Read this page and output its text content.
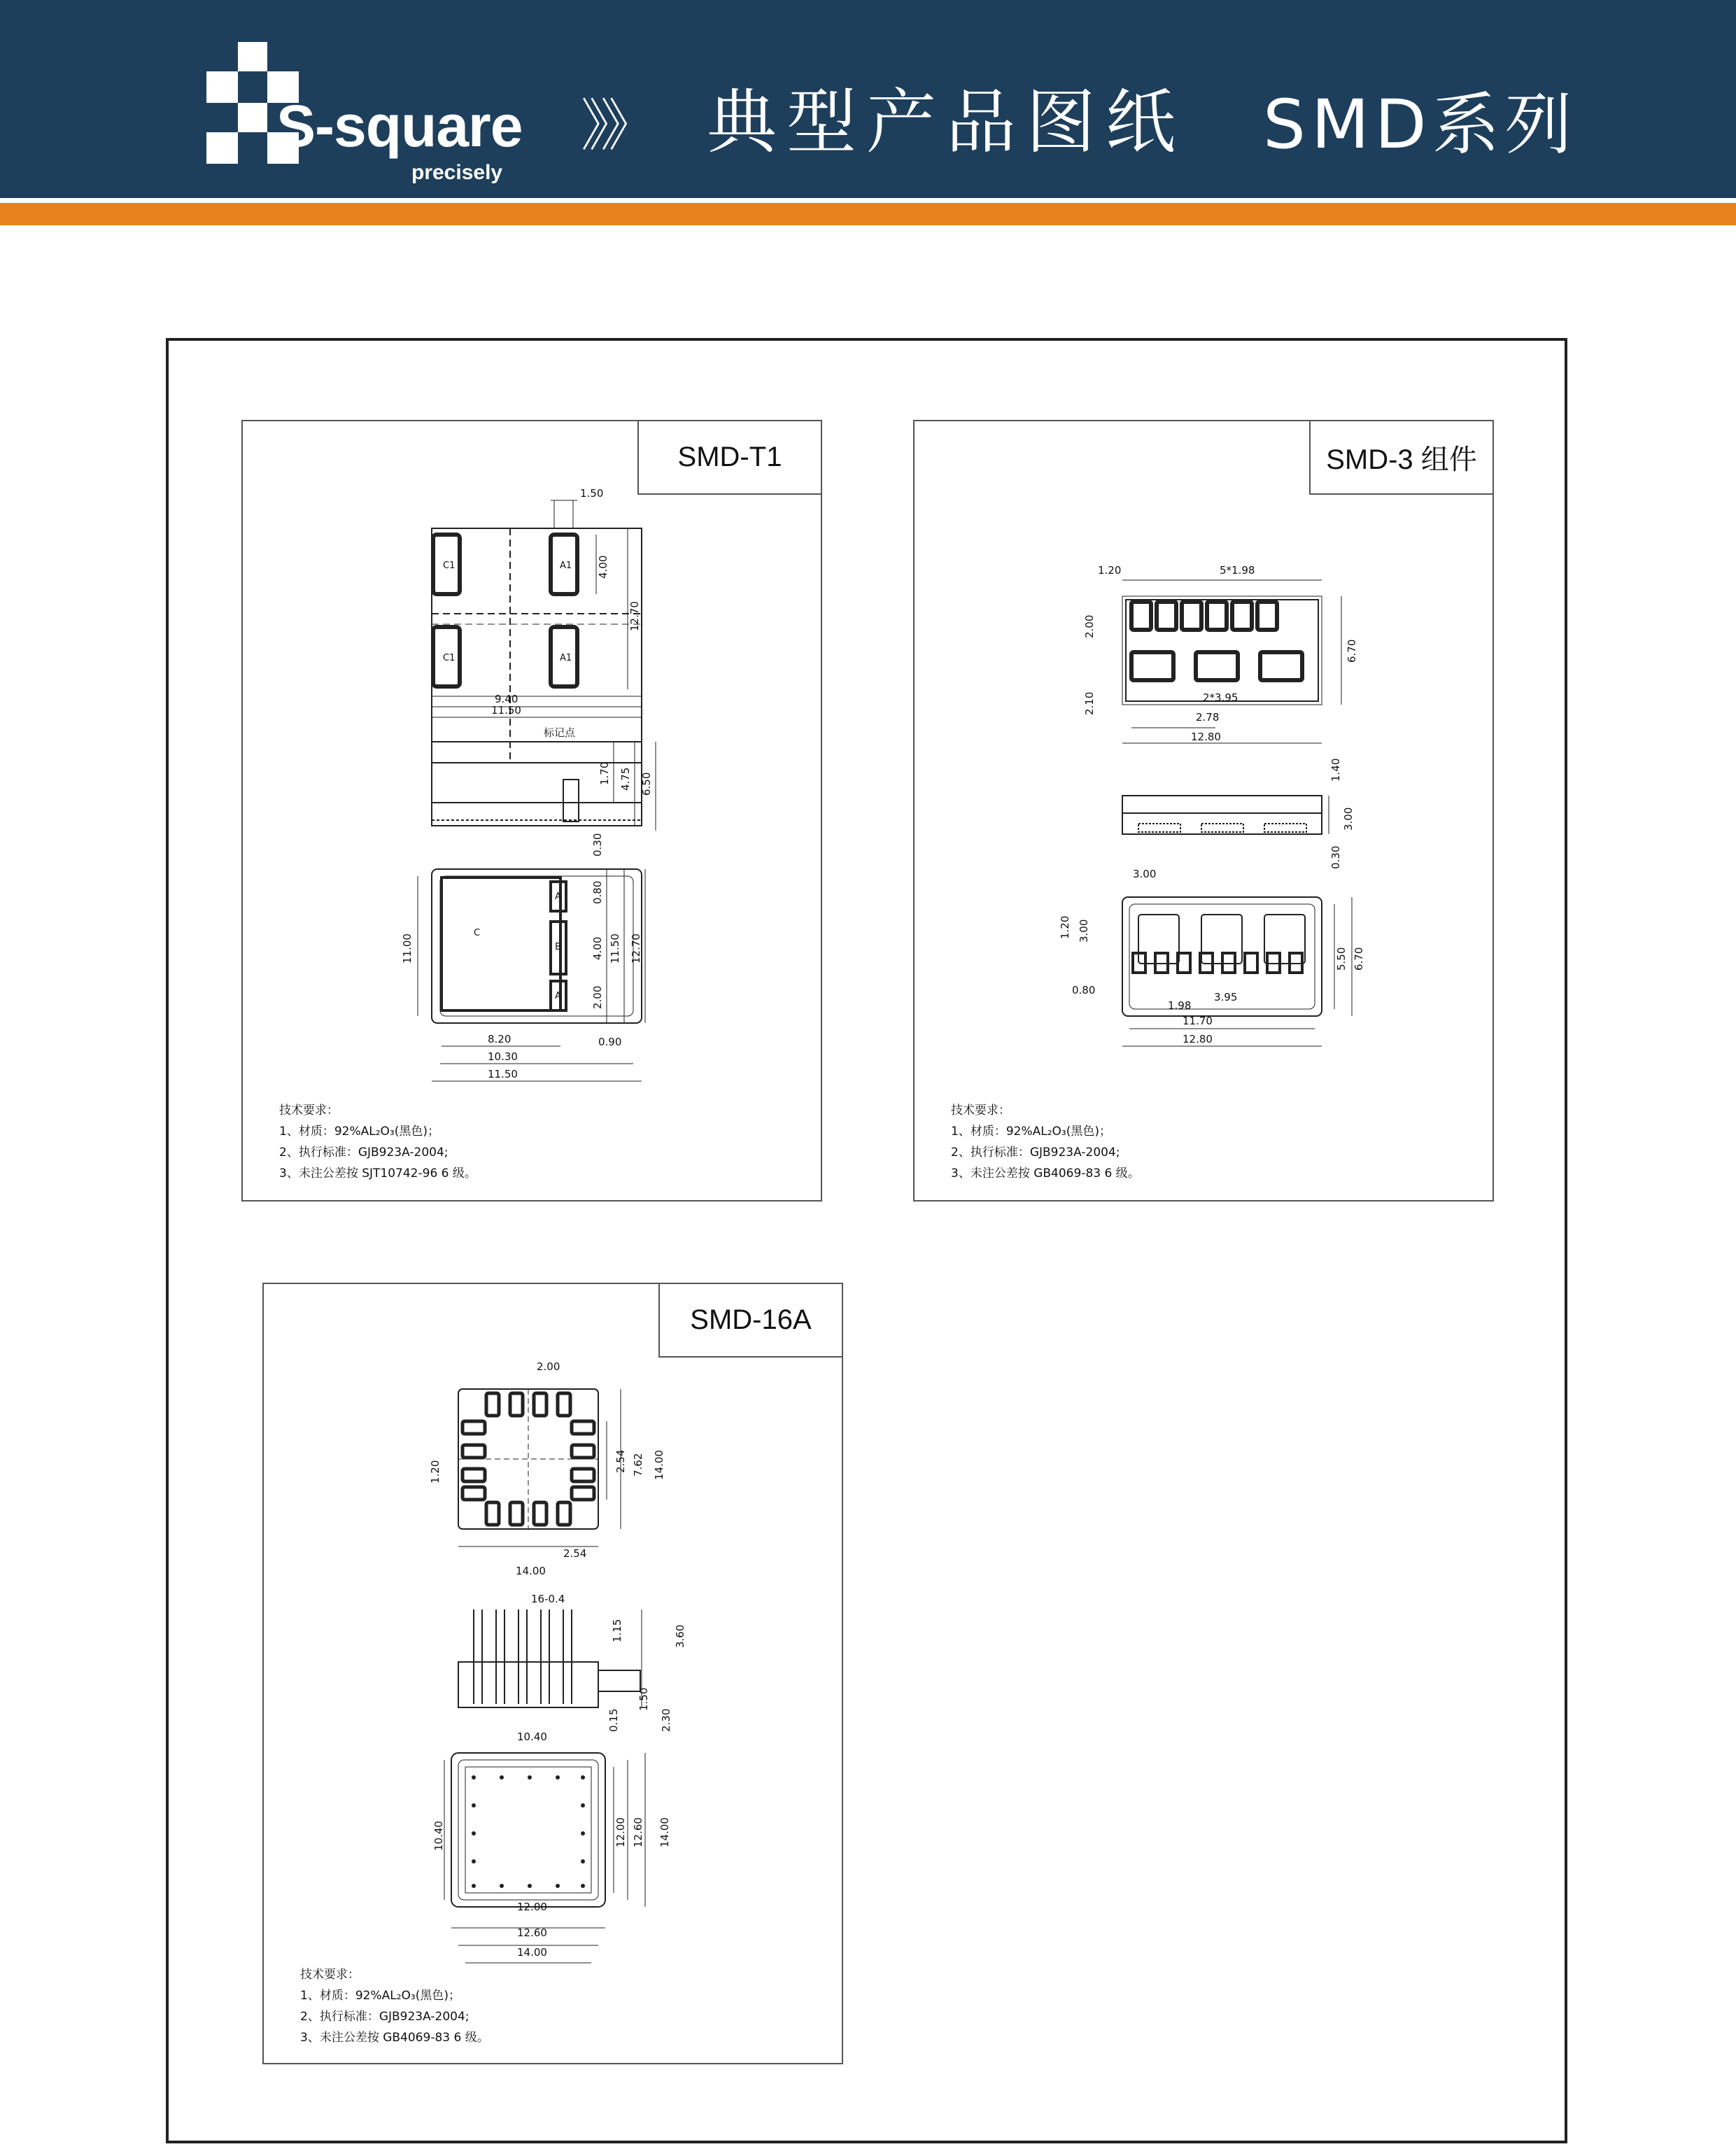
S-square
precisely
》》 典型产品图纸 SMD系列
C1	A1
C1	A1
C
A
B
A
1.50
4.00
12.70
9.40
11.50
标记点
1.70 4.75 6.50
0.30
0.80
4.00 11.50 12.70
2.00
11.00
8.20
10.30
11.50
0.90
SMD-T1
技术要求：
1、材质：92%AL₂O₃(黑色)；
2、执行标准：GJB923A-2004;
3、未注公差按 SJT10742-96 6 级。
1.20	5*1.98
2.00
6.70
2.10	2*3.95
2.78
12.80
1.40
3.00
0.30
3.00
1.20 3.00
5.50 6.70
0.80
3.95
1.98
11.70
12.80
SMD-3 组件
技术要求：
1、材质：92%AL₂O₃(黑色)；
2、执行标准：GJB923A-2004;
3、未注公差按 GB4069-83 6 级。
2.00
1.20	2.54 7.62 14.00
2.54
14.00
16-0.4
1.15	3.60
0.15
1.50
2.30
10.40
10.40	12.00 12.60 14.00
12.00
12.60
14.00
SMD-16A
技术要求：
1、材质：92%AL₂O₃(黑色)；
2、执行标准：GJB923A-2004;
3、未注公差按 GB4069-83 6 级。
